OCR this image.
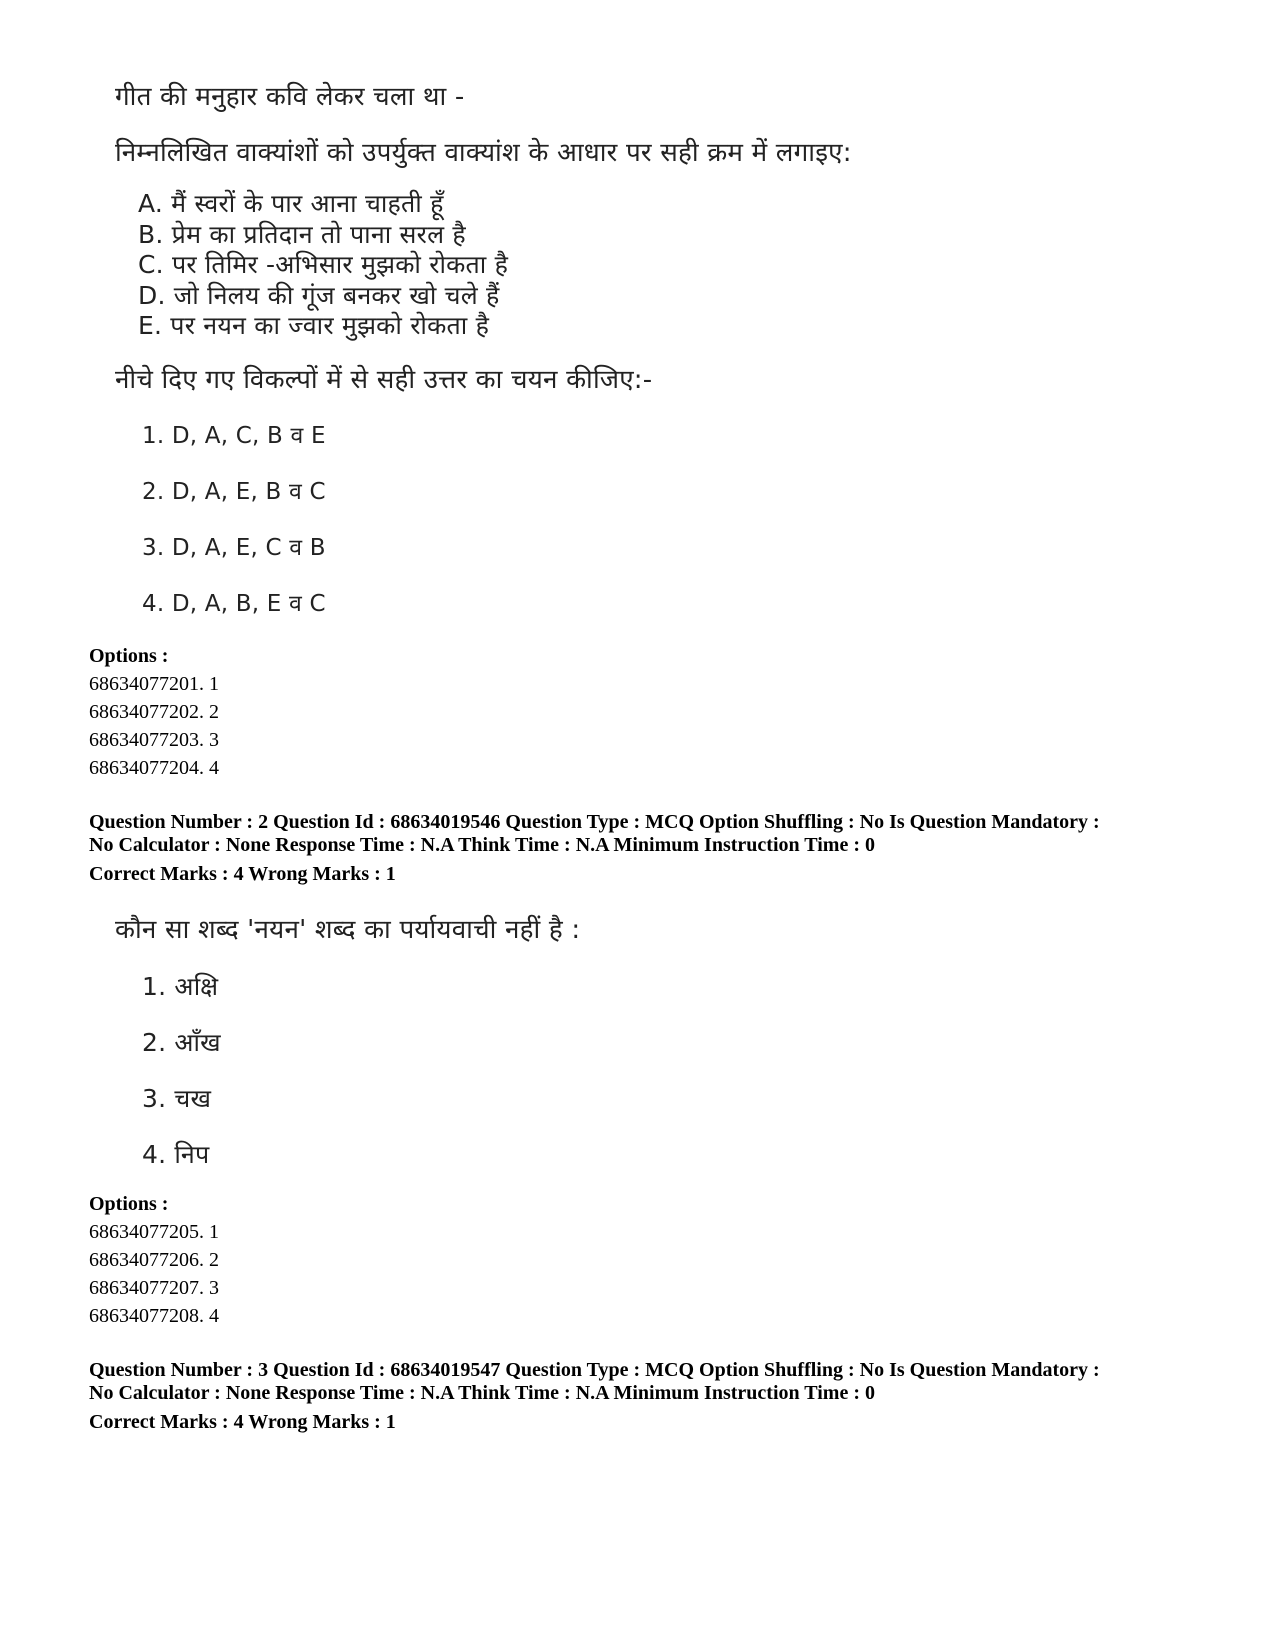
गीत की मनुहार कवि लेकर चला था -
निम्नलिखित वाक्यांशों को उपर्युक्त वाक्यांश के आधार पर सही क्रम में लगाइए:
A. मैं स्वरों के पार आना चाहती हूँ
B. प्रेम का प्रतिदान तो पाना सरल है
C. पर तिमिर -अभिसार मुझको रोकता है
D. जो निलय की गूंज बनकर खो चले हैं
E. पर नयन का ज्वार मुझको रोकता है
नीचे दिए गए विकल्पों में से सही उत्तर का चयन कीजिए:-
1. D, A, C, B व E
2. D, A, E, B व C
3. D, A, E, C व B
4. D, A, B, E व C
Options :
68634077201. 1
68634077202. 2
68634077203. 3
68634077204. 4
Question Number : 2 Question Id : 68634019546 Question Type : MCQ Option Shuffling : No Is Question Mandatory :
No Calculator : None Response Time : N.A Think Time : N.A Minimum Instruction Time : 0
Correct Marks : 4 Wrong Marks : 1
कौन सा शब्द 'नयन' शब्द का पर्यायवाची नहीं है :
1. अक्षि
2. आँख
3. चख
4. निप
Options :
68634077205. 1
68634077206. 2
68634077207. 3
68634077208. 4
Question Number : 3 Question Id : 68634019547 Question Type : MCQ Option Shuffling : No Is Question Mandatory :
No Calculator : None Response Time : N.A Think Time : N.A Minimum Instruction Time : 0
Correct Marks : 4 Wrong Marks : 1
